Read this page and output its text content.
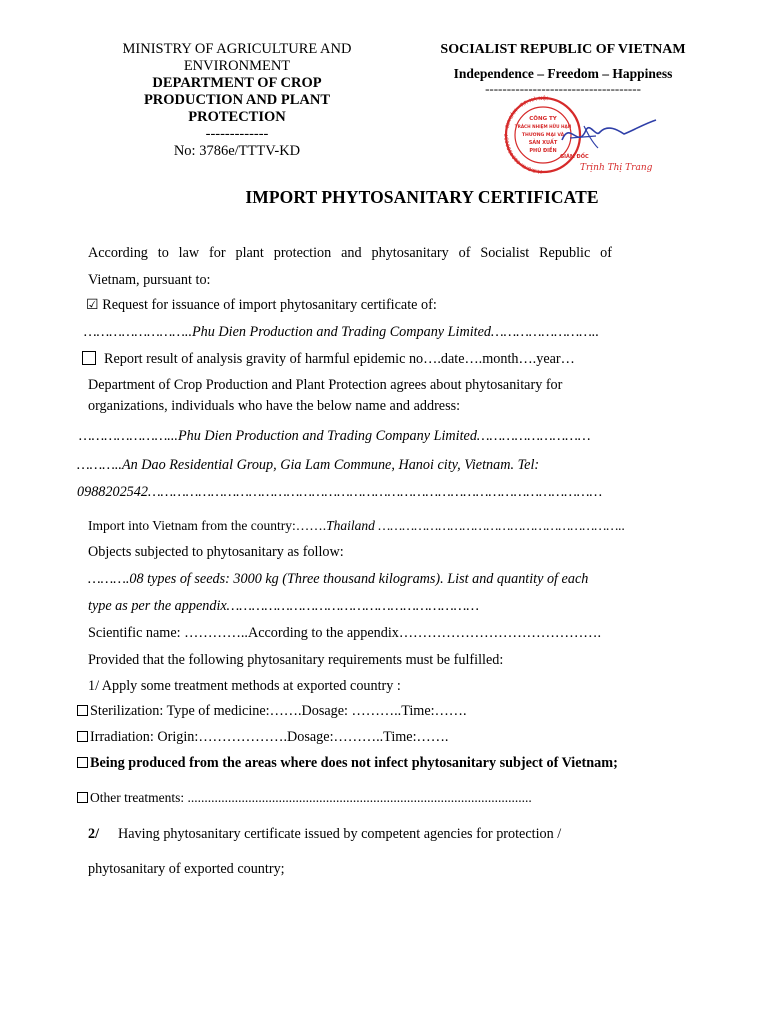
MINISTRY OF AGRICULTURE AND ENVIRONMENT
DEPARTMENT OF CROP
PRODUCTION AND PLANT
PROTECTION
-------------
No: 3786e/TTTV-KD
SOCIALIST REPUBLIC OF VIETNAM
Independence – Freedom – Happiness
------------------------------------
M.S.D.N: 0104350637 · GIA LÂM - T.P. HÀ NỘI
CÔNG TY
TRÁCH NHIỆM HỮU HẠN
THƯƠNG MẠI VÀ
SẢN XUẤT
PHÚ ĐIỀN
GIÁM ĐỐC
Trịnh Thị Trang
IMPORT PHYTOSANITARY CERTIFICATE
According to law for plant protection and phytosanitary of Socialist Republic of
Vietnam, pursuant to:
☑ Request for issuance of import phytosanitary certificate of:
……………………..Phu Dien Production and Trading Company Limited……………………..
Report result of analysis gravity of harmful epidemic no….date….month….year…
Department of Crop Production and Plant Protection agrees about phytosanitary for
organizations, individuals who have the below name and address:
…………………...Phu Dien Production and Trading Company Limited………………………
………..An Dao Residential Group, Gia Lam Commune, Hanoi city, Vietnam. Tel:
0988202542………………………………………………………………………………………………
Import into Vietnam from the country:…….Thailand ……………………………………………………..
Objects subjected to phytosanitary as follow:
……….08 types of seeds: 3000 kg (Three thousand kilograms). List and quantity of each
type as per the appendix……………………………………………………
Scientific name: …………..According to the appendix…………………………………….
Provided that the following phytosanitary requirements must be fulfilled:
1/ Apply some treatment methods at exported country :
Sterilization: Type of medicine:…….Dosage: ………..Time:…….
Irradiation: Origin:……………….Dosage:………..Time:…….
Being produced from the areas where does not infect phytosanitary subject of Vietnam;
Other treatments: ......................................................................................................
2/ Having phytosanitary certificate issued by competent agencies for protection /
phytosanitary of exported country;
